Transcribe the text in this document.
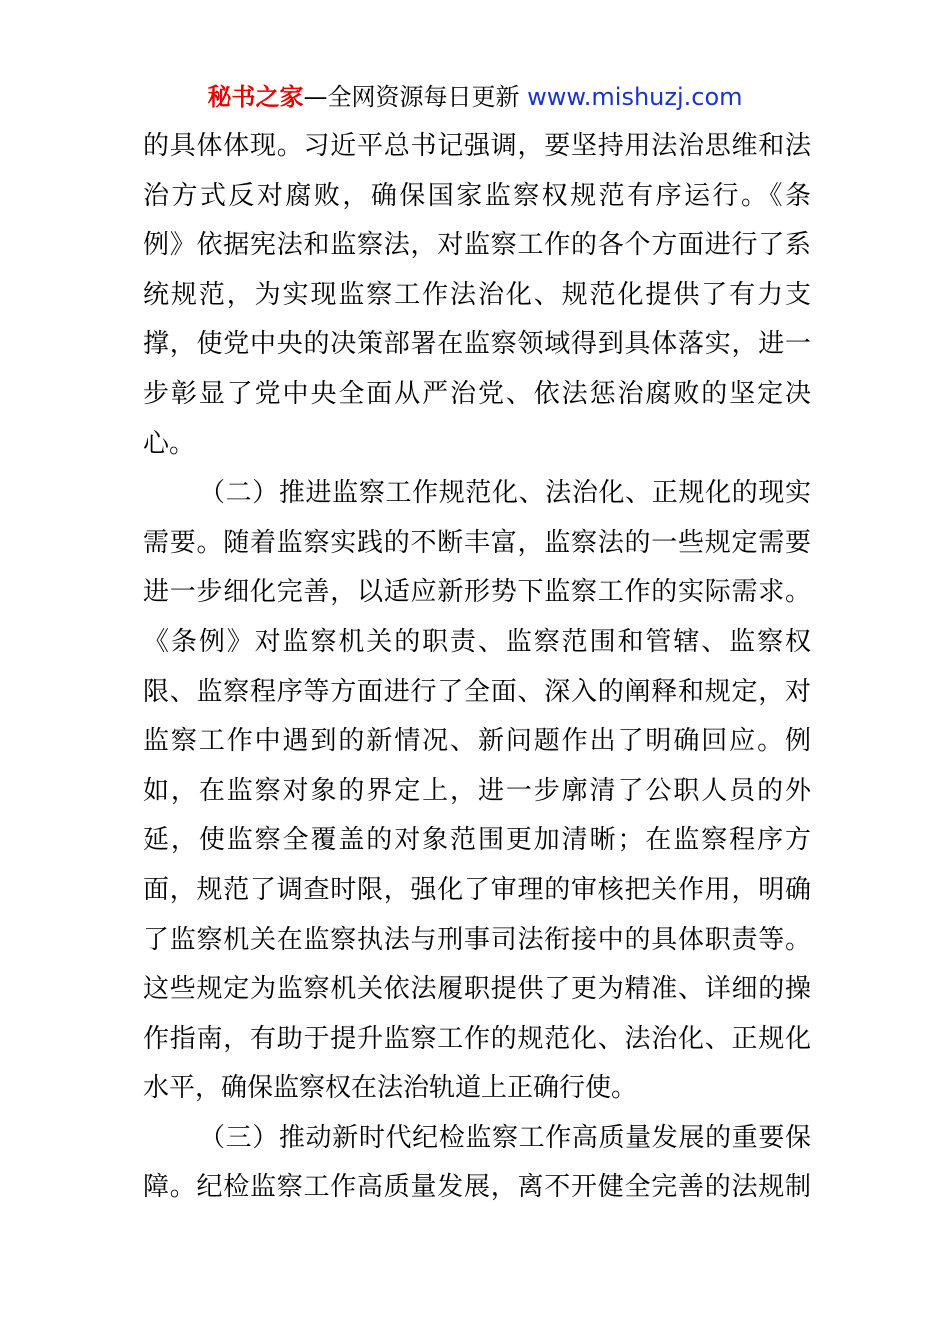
秘书之家—全网资源每日更新 www.mishuzj.com
的具体体现。习近平总书记强调，要坚持用法治思维和法
治方式反对腐败，确保国家监察权规范有序运行。《条
例》依据宪法和监察法，对监察工作的各个方面进行了系
统规范，为实现监察工作法治化、规范化提供了有力支
撑，使党中央的决策部署在监察领域得到具体落实，进一
步彰显了党中央全面从严治党、依法惩治腐败的坚定决
心。
（二）推进监察工作规范化、法治化、正规化的现实
需要。随着监察实践的不断丰富，监察法的一些规定需要
进一步细化完善，以适应新形势下监察工作的实际需求。
《条例》对监察机关的职责、监察范围和管辖、监察权
限、监察程序等方面进行了全面、深入的阐释和规定，对
监察工作中遇到的新情况、新问题作出了明确回应。例
如，在监察对象的界定上，进一步廓清了公职人员的外
延，使监察全覆盖的对象范围更加清晰；在监察程序方
面，规范了调查时限，强化了审理的审核把关作用，明确
了监察机关在监察执法与刑事司法衔接中的具体职责等。
这些规定为监察机关依法履职提供了更为精准、详细的操
作指南，有助于提升监察工作的规范化、法治化、正规化
水平，确保监察权在法治轨道上正确行使。
（三）推动新时代纪检监察工作高质量发展的重要保
障。纪检监察工作高质量发展，离不开健全完善的法规制
